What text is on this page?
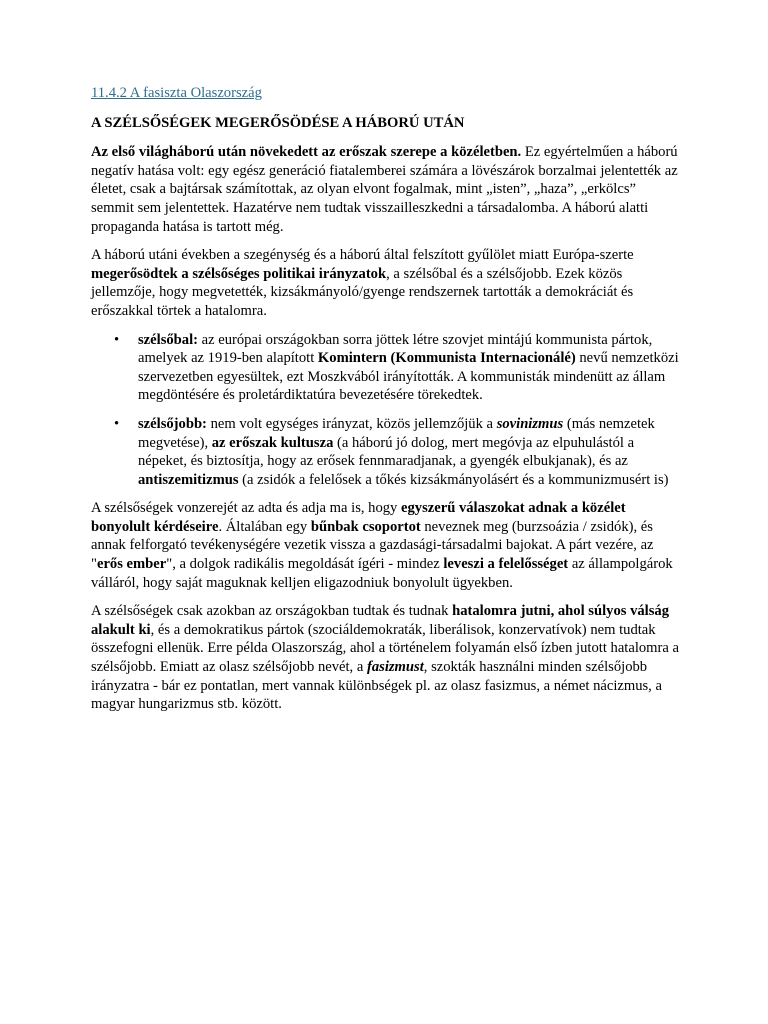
11.4.2 A fasiszta Olaszország
A SZÉLSŐSÉGEK MEGERŐSÖDÉSE A HÁBORÚ UTÁN

Az első világháború után növekedett az erőszak szerepe a közéletben. Ez egyértelműen a háború negatív hatása volt: egy egész generáció fiatalemberei számára a lövészárok borzalmai jelentették az életet, csak a bajtársak számítottak, az olyan elvont fogalmak, mint „isten”, „haza”, „erkölcs” semmit sem jelentettek. Hazatérve nem tudtak visszailleszkedni a társadalomba. A háború alatti propaganda hatása is tartott még.

A háború utáni években a szegénység és a háború által felszított gyűlölet miatt Európa-szerte megerősödtek a szélsőséges politikai irányzatok, a szélsőbal és a szélsőjobb. Ezek közös jellemzője, hogy megvetették, kizsákmányoló/gyenge rendszernek tartották a demokráciát és erőszakkal törtek a hatalomra.

• szélsőbal: az európai országokban sorra jöttek létre szovjet mintájú kommunista pártok, amelyek az 1919-ben alapított Komintern (Kommunista Internacionálé) nevű nemzetközi szervezetben egyesültek, ezt Moszkvából irányították. A kommunisták mindenütt az állam megdöntésére és proletárdiktatúra bevezetésére törekedtek.
• szélsőjobb: nem volt egységes irányzat, közös jellemzőjük a sovinizmus (más nemzetek megvetése), az erőszak kultusza (a háború jó dolog, mert megóvja az elpuhulástól a népeket, és biztosítja, hogy az erősek fennmaradjanak, a gyengék elbukjanak), és az antiszemitizmus (a zsidók a felelősek a tőkés kizsákmányolásért és a kommunizmusért is)

A szélsőségek vonzerejét az adta és adja ma is, hogy egyszerű válaszokat adnak a közélet bonyolult kérdéseire. Általában egy bűnbak csoportot neveznek meg (burzsoázia / zsidók), és annak felforgató tevékenységére vezetik vissza a gazdasági-társadalmi bajokat. A párt vezére, az "erős ember", a dolgok radikális megoldását ígéri - mindez leveszi a felelősséget az állampolgárok válláról, hogy saját maguknak kelljen eligazodniuk bonyolult ügyekben.

A szélsőségek csak azokban az országokban tudtak és tudnak hatalomra jutni, ahol súlyos válság alakult ki, és a demokratikus pártok (szociáldemokraták, liberálisok, konzervatívok) nem tudtak összefogni ellenük. Erre példa Olaszország, ahol a történelem folyamán első ízben jutott hatalomra a szélsőjobb. Emiatt az olasz szélsőjobb nevét, a fasizmust, szokták használni minden szélsőjobb irányzatra - bár ez pontatlan, mert vannak különbségek pl. az olasz fasizmus, a német nácizmus, a magyar hungarizmus stb. között.
